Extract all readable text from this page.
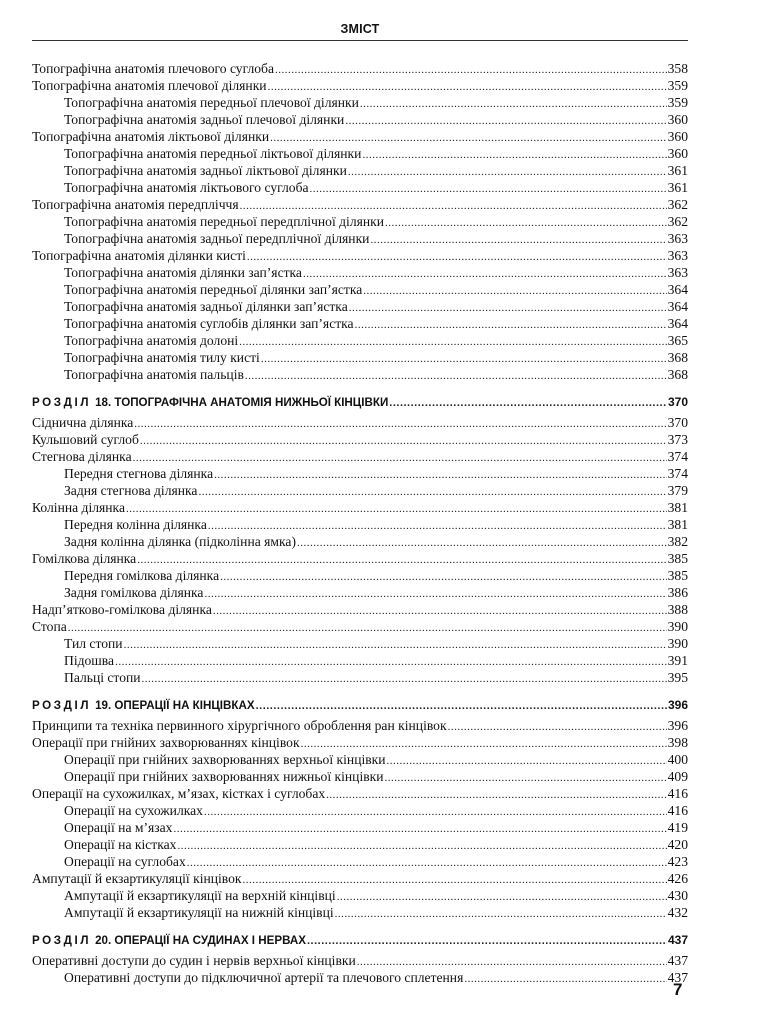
ЗМІСТ
Топографічна анатомія плечового суглоба .....	358
Топографічна анатомія плечової ділянки .....	359
Топографічна анатомія передньої плечової ділянки .....	359
Топографічна анатомія задньої плечової ділянки .....	360
Топографічна анатомія ліктьової ділянки .....	360
Топографічна анатомія передньої ліктьової ділянки .....	360
Топографічна анатомія задньої ліктьової ділянки .....	361
Топографічна анатомія ліктьового суглоба .....	361
Топографічна анатомія передпліччя .....	362
Топографічна анатомія передньої передплічної ділянки .....	362
Топографічна анатомія задньої передплічної ділянки .....	363
Топографічна анатомія ділянки кисті .....	363
Топографічна анатомія ділянки зап’ястка .....	363
Топографічна анатомія передньої ділянки зап’ястка .....	364
Топографічна анатомія задньої ділянки зап’ястка .....	364
Топографічна анатомія суглобів ділянки зап’ястка .....	364
Топографічна анатомія долоні .....	365
Топографічна анатомія тилу кисті .....	368
Топографічна анатомія пальців .....	368
РОЗДІЛ 18. ТОПОГРАФІЧНА АНАТОМІЯ НИЖНЬОЇ КІНЦІВКИ .....	370
Сіднична ділянка .....	370
Кульшовий суглоб .....	373
Стегнова ділянка .....	374
Передня стегнова ділянка .....	374
Задня стегнова ділянка .....	379
Колінна ділянка .....	381
Передня колінна ділянка .....	381
Задня колінна ділянка (підколінна ямка) .....	382
Гомілкова ділянка .....	385
Передня гомілкова ділянка .....	385
Задня гомілкова ділянка .....	386
Надп’ятково-гомілкова ділянка .....	388
Стопа .....	390
Тил стопи .....	390
Підошва .....	391
Пальці стопи .....	395
РОЗДІЛ 19. ОПЕРАЦІЇ НА КІНЦІВКАХ .....	396
Принципи та техніка первинного хірургічного оброблення ран кінцівок .....	396
Операції при гнійних захворюваннях кінцівок .....	398
Операції при гнійних захворюваннях верхньої кінцівки .....	400
Операції при гнійних захворюваннях нижньої кінцівки .....	409
Операції на сухожилках, м’язах, кістках і суглобах .....	416
Операції на сухожилках .....	416
Операції на м’язах .....	419
Операції на кістках .....	420
Операції на суглобах .....	423
Ампутації й екзартикуляції кінцівок .....	426
Ампутації й екзартикуляції на верхній кінцівці .....	430
Ампутації й екзартикуляції на нижній кінцівці .....	432
РОЗДІЛ 20. ОПЕРАЦІЇ НА СУДИНАХ І НЕРВАХ .....	437
Оперативні доступи до судин і нервів верхньої кінцівки .....	437
Оперативні доступи до підключичної артерії та плечового сплетення .....	437
7
